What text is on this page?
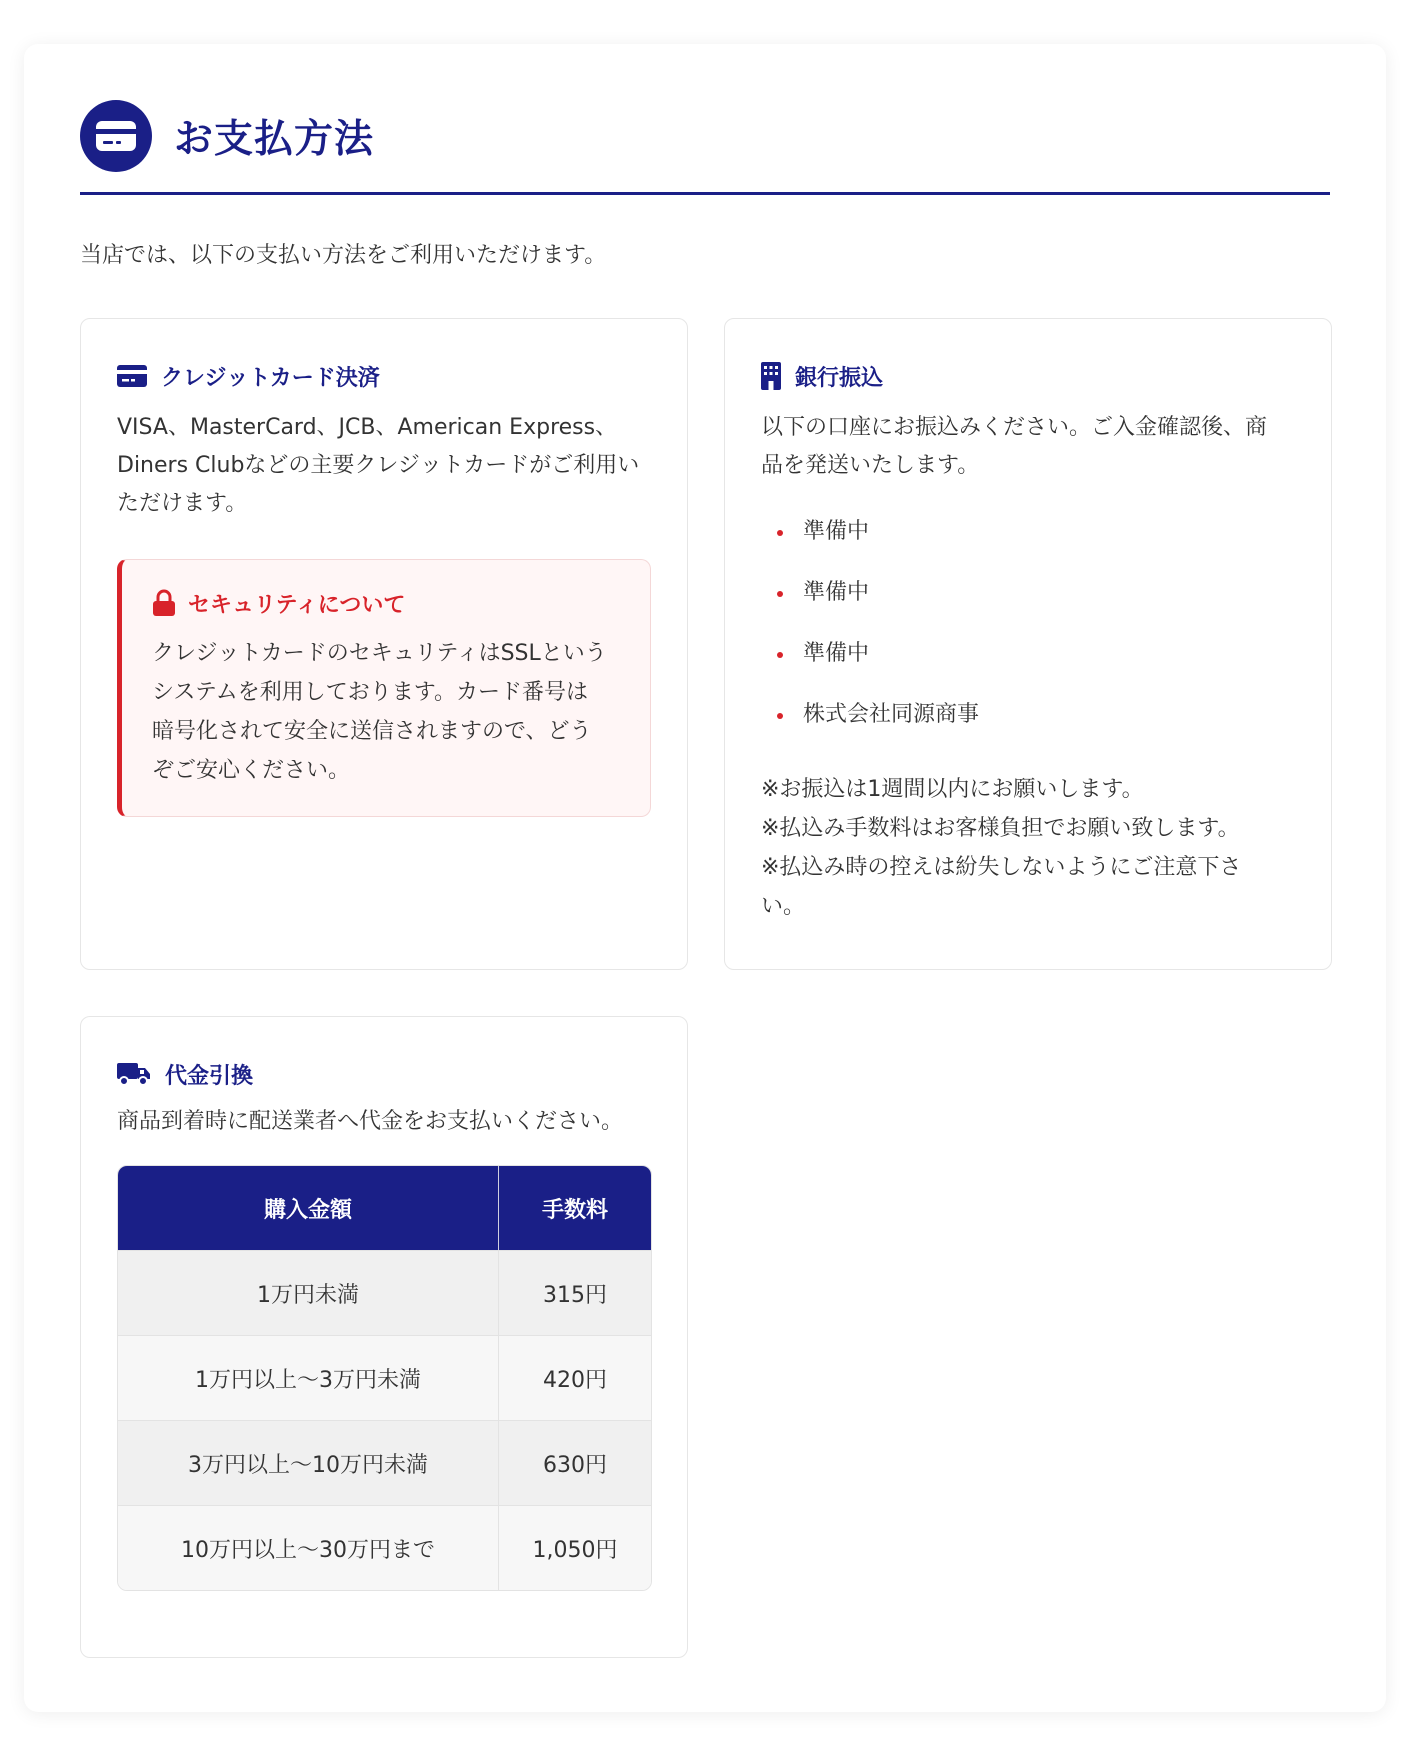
お支払方法

当店では、以下の支払い方法をご利用いただけます。

クレジットカード決済
VISA、MasterCard、JCB、American Express、
Diners Clubなどの主要クレジットカードがご利用い
ただけます。
セキュリティについて
クレジットカードのセキュリティはSSLという
システムを利用しております。カード番号は
暗号化されて安全に送信されますので、どう
ぞご安心ください。
銀行振込
以下の口座にお振込みください。ご入金確認後、商
品を発送いたします。
準備中
準備中
準備中
株式会社同源商事
※お振込は1週間以内にお願いします。
※払込み手数料はお客様負担でお願い致します。
※払込み時の控えは紛失しないようにご注意下さ
い。
代金引換
商品到着時に配送業者へ代金をお支払いください。
購入金額	手数料
1万円未満	315円
1万円以上〜3万円未満	420円
3万円以上〜10万円未満	630円
10万円以上〜30万円まで	1,050円
